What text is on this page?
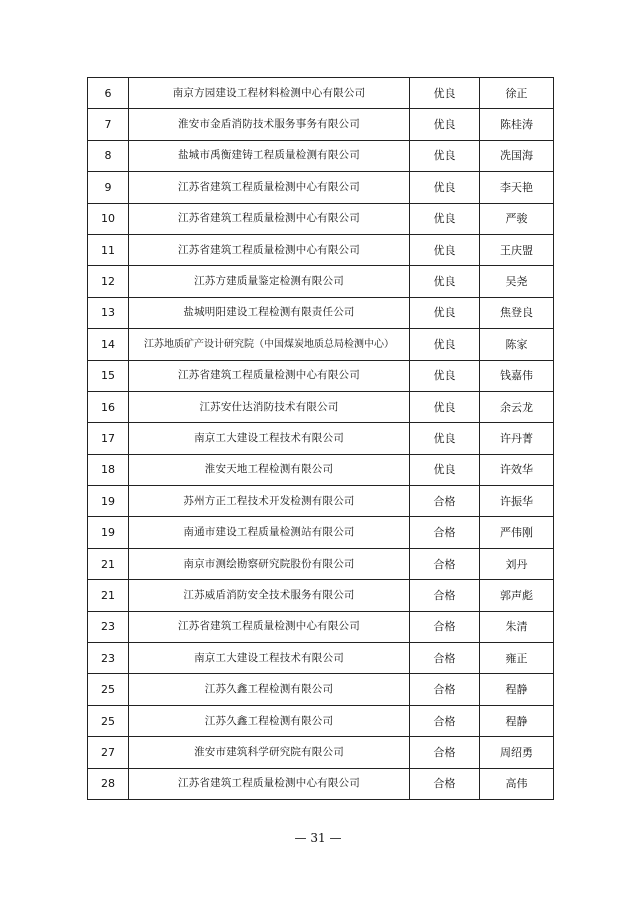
6	南京方园建设工程材料检测中心有限公司	优良	徐正
7	淮安市金盾消防技术服务事务有限公司	优良	陈桂涛
8	盐城市禹衡建铸工程质量检测有限公司	优良	冼国海
9	江苏省建筑工程质量检测中心有限公司	优良	李天艳
10	江苏省建筑工程质量检测中心有限公司	优良	严骏
11	江苏省建筑工程质量检测中心有限公司	优良	王庆盟
12	江苏方建质量鉴定检测有限公司	优良	吴尧
13	盐城明阳建设工程检测有限责任公司	优良	焦登良
14	江苏地质矿产设计研究院（中国煤炭地质总局检测中心）	优良	陈家
15	江苏省建筑工程质量检测中心有限公司	优良	钱嘉伟
16	江苏安仕达消防技术有限公司	优良	余云龙
17	南京工大建设工程技术有限公司	优良	许丹菁
18	淮安天地工程检测有限公司	优良	许效华
19	苏州方正工程技术开发检测有限公司	合格	许振华
19	南通市建设工程质量检测站有限公司	合格	严伟刚
21	南京市测绘勘察研究院股份有限公司	合格	刘丹
21	江苏威盾消防安全技术服务有限公司	合格	郭声彪
23	江苏省建筑工程质量检测中心有限公司	合格	朱清
23	南京工大建设工程技术有限公司	合格	雍正
25	江苏久鑫工程检测有限公司	合格	程静
25	江苏久鑫工程检测有限公司	合格	程静
27	淮安市建筑科学研究院有限公司	合格	周绍勇
28	江苏省建筑工程质量检测中心有限公司	合格	高伟
— 31 —
